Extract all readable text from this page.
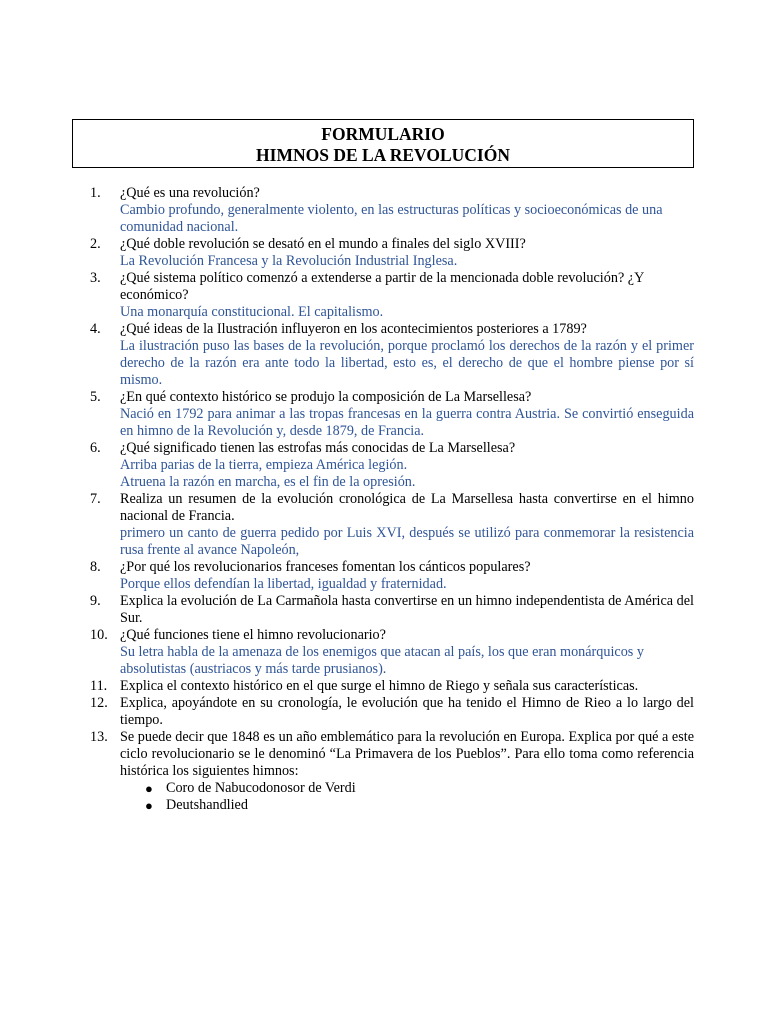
FORMULARIO
HIMNOS DE LA REVOLUCIÓN
1.	¿Qué es una revolución?
Cambio profundo, generalmente violento, en las estructuras políticas y socioeconómicas de una comunidad nacional.
2.	¿Qué doble revolución se desató en el mundo a finales del siglo XVIII?
La Revolución Francesa y la Revolución Industrial Inglesa.
3.	¿Qué sistema político comenzó a extenderse a partir de la mencionada doble revolución? ¿Y económico?
Una monarquía constitucional. El capitalismo.
4.	¿Qué ideas de la Ilustración influyeron en los acontecimientos posteriores a 1789?
La ilustración puso las bases de la revolución, porque proclamó los derechos de la razón y el primer derecho de la razón era ante todo la libertad, esto es, el derecho de que el hombre piense por sí mismo.
5.	¿En qué contexto histórico se produjo la composición de La Marsellesa?
Nació en 1792 para animar a las tropas francesas en la guerra contra Austria. Se convirtió enseguida en himno de la Revolución y, desde 1879, de Francia.
6.	¿Qué significado tienen las estrofas más conocidas de La Marsellesa?
Arriba parias de la tierra, empieza América legión.
Atruena la razón en marcha, es el fin de la opresión.
7.	Realiza un resumen de la evolución cronológica de La Marsellesa hasta convertirse en el himno nacional de Francia.
primero un canto de guerra pedido por Luis XVI, después se utilizó para conmemorar la resistencia rusa frente al avance Napoleón,
8.	¿Por qué los revolucionarios franceses fomentan los cánticos populares?
Porque ellos defendían la libertad, igualdad y fraternidad.
9.	Explica la evolución de La Carmañola hasta convertirse en un himno independentista de América del Sur.
10. ¿Qué funciones tiene el himno revolucionario?
Su letra habla de la amenaza de los enemigos que atacan al país, los que eran monárquicos y absolutistas (austriacos y más tarde prusianos).
11. Explica el contexto histórico en el que surge el himno de Riego y señala sus características.
12. Explica, apoyándote en su cronología, le evolución que ha tenido el Himno de Rieo a lo largo del tiempo.
13. Se puede decir que 1848 es un año emblemático para la revolución en Europa. Explica por qué a este ciclo revolucionario se le denominó “La Primavera de los Pueblos”. Para ello toma como referencia histórica los siguientes himnos:
● Coro de Nabucodonosor de Verdi
● Deutshandlied
